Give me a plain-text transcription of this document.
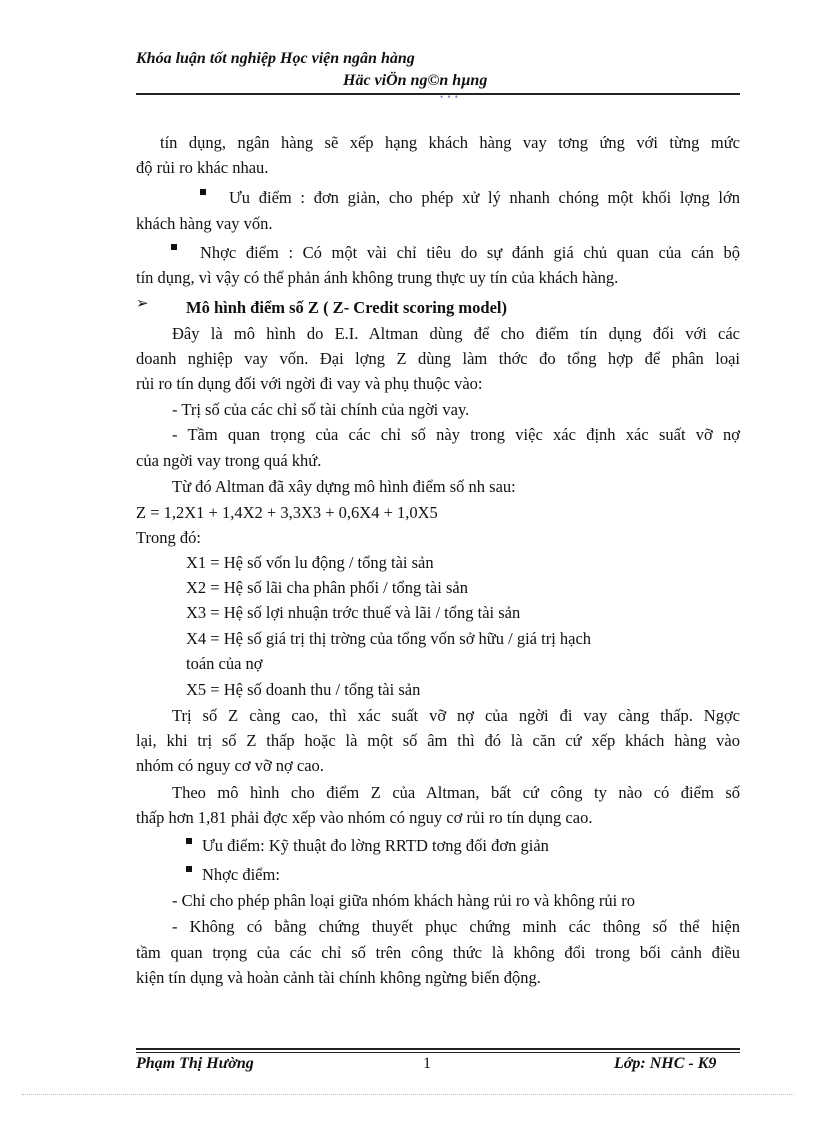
Khóa luận tốt nghiệp Học viện ngân hàng
Häc viÖn ng©n hµng
• • •
tín dụng, ngân hàng sẽ xếp hạng khách hàng vay tơng ứng với từng mức
độ rủi ro khác nhau.
Ưu điểm : đơn giản, cho phép xử lý nhanh chóng một khối lợng lớn
khách hàng vay vốn.
Nhợc điểm : Có một vài chỉ tiêu do sự đánh giá chủ quan của cán bộ
tín dụng, vì vậy có thể phản ánh không trung thực uy tín của khách hàng.
➢ Mô hình điểm số Z ( Z- Credit scoring model)
Đây là mô hình do E.I. Altman dùng để cho điểm tín dụng đối với các
doanh nghiệp vay vốn. Đại lợng Z dùng làm thớc đo tổng hợp để phân loại
rủi ro tín dụng đối với ngời đi vay và phụ thuộc vào:
- Trị số của các chỉ số tài chính của ngời vay.
- Tầm quan trọng của các chỉ số này trong việc xác định xác suất vỡ nợ
của ngời vay trong quá khứ.
Từ đó Altman đã xây dựng mô hình điểm số nh sau:
Z = 1,2X1 + 1,4X2 + 3,3X3 + 0,6X4 + 1,0X5
Trong đó:
X1 = Hệ số vốn lu động / tổng tài sản
X2 = Hệ số lãi cha phân phối / tổng tài sản
X3 = Hệ số lợi nhuận trớc thuế và lãi / tổng tài sản
X4 = Hệ số giá trị thị trờng của tổng vốn sở hữu / giá trị hạch
toán của nợ
X5 = Hệ số doanh thu / tổng tài sản
Trị số Z càng cao, thì xác suất vỡ nợ của ngời đi vay càng thấp. Ngợc
lại, khi trị số Z thấp hoặc là một số âm thì đó là căn cứ xếp khách hàng vào
nhóm có nguy cơ vỡ nợ cao.
Theo mô hình cho điểm Z của Altman, bất cứ công ty nào có điểm số
thấp hơn 1,81 phải đợc xếp vào nhóm có nguy cơ rủi ro tín dụng cao.
Ưu điểm: Kỹ thuật đo lờng RRTD tơng đối đơn giản
Nhợc điểm:
- Chỉ cho phép phân loại giữa nhóm khách hàng rủi ro và không rủi ro
- Không có bằng chứng thuyết phục chứng minh các thông số thể hiện
tầm quan trọng của các chỉ số trên công thức là không đổi trong bối cảnh điều
kiện tín dụng và hoàn cảnh tài chính không ngừng biến động.
Phạm Thị Hường	1	Lớp: NHC - K9
